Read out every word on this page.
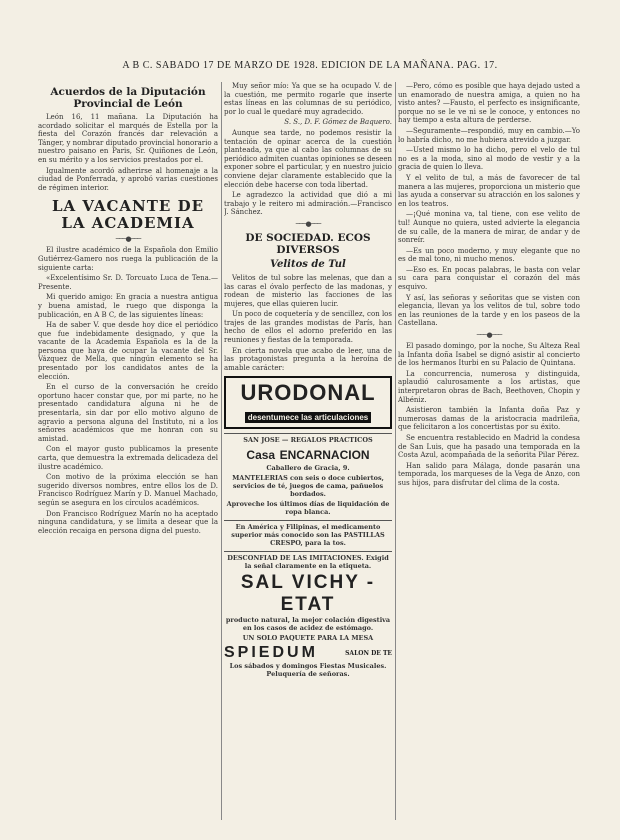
A B C. SABADO 17 DE MARZO DE 1928. EDICION DE LA MAÑANA. PAG. 17.
Acuerdos de la Diputación Provincial de León

León 16, 11 mañana. La Diputación ha acordado solicitar el marqués de Estella por la fiesta del Corazón francés dar relevación a Tánger, y nombrar diputado provincial honorario a nuestro paisano en Paris, Sr. Quiñones de León, en su mérito y a los servicios prestados por el.

Igualmente acordó adherirse al homenaje a la ciudad de Ponferrada, y aprobó varias cuestiones de régimen interior.

LA VACANTE DE LA ACADEMIA
───●───

El ilustre académico de la Española don Emilio Gutiérrez-Gamero nos ruega la publicación de la siguiente carta:

«Excelentísimo Sr. D. Torcuato Luca de Tena.—Presente.

Mi querido amigo: En gracia a nuestra antigua y buena amistad, le ruego que disponga la publicación, en A B C, de las siguientes líneas:

Ha de saber V. que desde hoy dice el periódico que fue indebidamente designado, y que la vacante de la Academia Española es la de la persona que haya de ocupar la vacante del Sr. Vázquez de Mella, que ningún elemento se ha presentado por los candidatos antes de la elección.

En el curso de la conversación he creído oportuno hacer constar que, por mi parte, no he presentado candidatura alguna ni he de presentarla, sin dar por ello motivo alguno de agravio a persona alguna del Instituto, ni a los señores académicos que me honran con su amistad.

Con el mayor gusto publicamos la presente carta, que demuestra la extremada delicadeza del ilustre académico.

Con motivo de la próxima elección se han sugerido diversos nombres, entre ellos los de D. Francisco Rodríguez Marín y D. Manuel Machado, según se asegura en los círculos académicos.

Don Francisco Rodríguez Marín no ha aceptado ninguna candidatura, y se limita a desear que la elección recaiga en persona digna del puesto.

Muy señor mío: Ya que se ha ocupado V. de la cuestión, me permito rogarle que inserte estas líneas en las columnas de su periódico, por lo cual le quedaré muy agradecido.

S. S., D. F. Gómez de Baquero.

Aunque sea tarde, no podemos resistir la tentación de opinar acerca de la cuestión planteada, ya que al cabo las columnas de su periódico admiten cuantas opiniones se deseen exponer sobre el particular, y en nuestro juicio conviene dejar claramente establecido que la elección debe hacerse con toda libertad.

Le agradezco la actividad que dió a mi trabajo y le reitero mi admiración.—Francisco J. Sánchez.

───●───
DE SOCIEDAD. ECOS DIVERSOS
Velitos de Tul

Velitos de tul sobre las melenas, que dan a las caras el óvalo perfecto de las madonas, y rodean de misterio las facciones de las mujeres, que ellas quieren lucir.

Un poco de coquetería y de sencillez, con los trajes de las grandes modistas de París, han hecho de ellos el adorno preferido en las reuniones y fiestas de la temporada.

En cierta novela que acabo de leer, una de las protagonistas pregunta a la heroína de amable carácter:

URODONAL
desentumece las articulaciones

SAN JOSE — REGALOS PRACTICOS

Casa ENCARNACION

Caballero de Gracia, 9.

MANTELERIAS con seis o doce cubiertos, servicios de té, juegos de cama, pañuelos bordados.

Aproveche los últimos días de liquidación de ropa blanca.

En América y Filipinas, el medicamento superior más conocido son las PASTILLAS CRESPO, para la tos.

DESCONFIAD DE LAS IMITACIONES. Exigid la señal claramente en la etiqueta.

SAL VICHY - ETAT

producto natural, la mejor colación digestiva en los casos de acidez de estómago.

UN SOLO PAQUETE PARA LA MESA

SPIEDUM	SALON DE TE

Los sábados y domingos Fiestas Musicales. Peluquería de señoras.

—Pero, cómo es posible que haya dejado usted a un enamorado de nuestra amiga, a quien no ha visto antes? —Fausto, el perfecto es insignificante, porque no se le ve ni se le conoce, y entonces no hay tiempo a esta altura de perderse.

—Seguramente—respondió, muy en cambio.—Yo lo habría dicho, no me hubiera atrevido a juzgar.

—Usted mismo lo ha dicho, pero el velo de tul no es a la moda, sino al modo de vestir y a la gracia de quien lo lleva.

Y el velito de tul, a más de favorecer de tal manera a las mujeres, proporciona un misterio que las ayuda a conservar su atracción en los salones y en los teatros.

—¡Qué monina va, tal tiene, con ese velito de tul! Aunque no quiera, usted advierte la elegancia de su calle, de la manera de mirar, de andar y de sonreír.

—Es un poco moderno, y muy elegante que no es de mal tono, ni mucho menos.

—Eso es. En pocas palabras, le basta con velar su cara para conquistar el corazón del más esquivo.

Y así, las señoras y señoritas que se visten con elegancia, llevan ya los velitos de tul, sobre todo en las reuniones de la tarde y en los paseos de la Castellana.

───●───

El pasado domingo, por la noche, Su Alteza Real la Infanta doña Isabel se dignó asistir al concierto de los hermanos Iturbi en su Palacio de Quintana.

La concurrencia, numerosa y distinguida, aplaudió calurosamente a los artistas, que interpretaron obras de Bach, Beethoven, Chopin y Albéniz.

Asistieron también la Infanta doña Paz y numerosas damas de la aristocracia madrileña, que felicitaron a los concertistas por su éxito.

Se encuentra restablecido en Madrid la condesa de San Luis, que ha pasado una temporada en la Costa Azul, acompañada de la señorita Pilar Pérez.

Han salido para Málaga, donde pasarán una temporada, los marqueses de la Vega de Anzo, con sus hijos, para disfrutar del clima de la costa.
